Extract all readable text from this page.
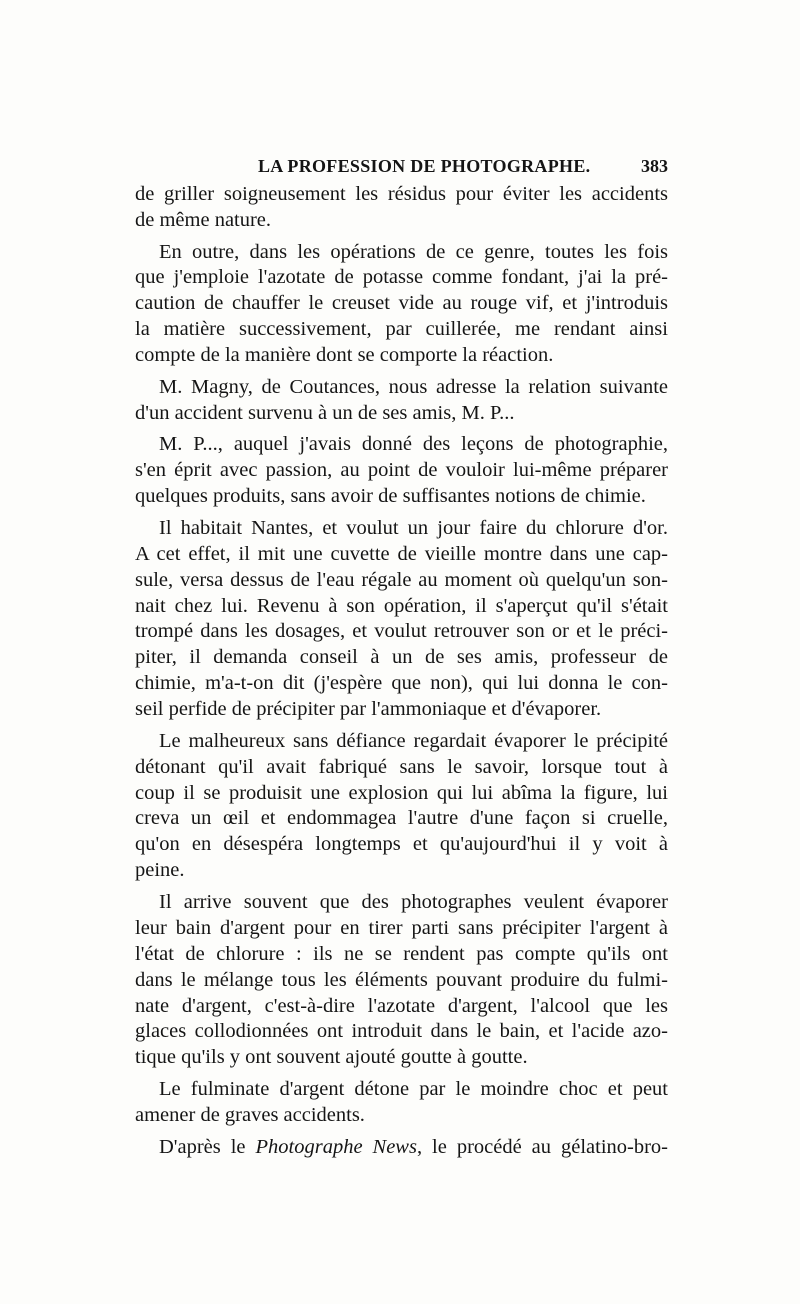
LA PROFESSION DE PHOTOGRAPHE.	383
de griller soigneusement les résidus pour éviter les accidents
de même nature.
En outre, dans les opérations de ce genre, toutes les fois
que j'emploie l'azotate de potasse comme fondant, j'ai la pré-
caution de chauffer le creuset vide au rouge vif, et j'introduis
la matière successivement, par cuillerée, me rendant ainsi
compte de la manière dont se comporte la réaction.
M. Magny, de Coutances, nous adresse la relation suivante
d'un accident survenu à un de ses amis, M. P...
M. P..., auquel j'avais donné des leçons de photographie,
s'en éprit avec passion, au point de vouloir lui-même préparer
quelques produits, sans avoir de suffisantes notions de chimie.
Il habitait Nantes, et voulut un jour faire du chlorure d'or.
A cet effet, il mit une cuvette de vieille montre dans une cap-
sule, versa dessus de l'eau régale au moment où quelqu'un son-
nait chez lui. Revenu à son opération, il s'aperçut qu'il s'était
trompé dans les dosages, et voulut retrouver son or et le préci-
piter, il demanda conseil à un de ses amis, professeur de
chimie, m'a-t-on dit (j'espère que non), qui lui donna le con-
seil perfide de précipiter par l'ammoniaque et d'évaporer.
Le malheureux sans défiance regardait évaporer le précipité
détonant qu'il avait fabriqué sans le savoir, lorsque tout à
coup il se produisit une explosion qui lui abîma la figure, lui
creva un œil et endommagea l'autre d'une façon si cruelle,
qu'on en désespéra longtemps et qu'aujourd'hui il y voit à
peine.
Il arrive souvent que des photographes veulent évaporer
leur bain d'argent pour en tirer parti sans précipiter l'argent à
l'état de chlorure : ils ne se rendent pas compte qu'ils ont
dans le mélange tous les éléments pouvant produire du fulmi-
nate d'argent, c'est-à-dire l'azotate d'argent, l'alcool que les
glaces collodionnées ont introduit dans le bain, et l'acide azo-
tique qu'ils y ont souvent ajouté goutte à goutte.
Le fulminate d'argent détone par le moindre choc et peut
amener de graves accidents.
D'après le Photographe News, le procédé au gélatino-bro-
